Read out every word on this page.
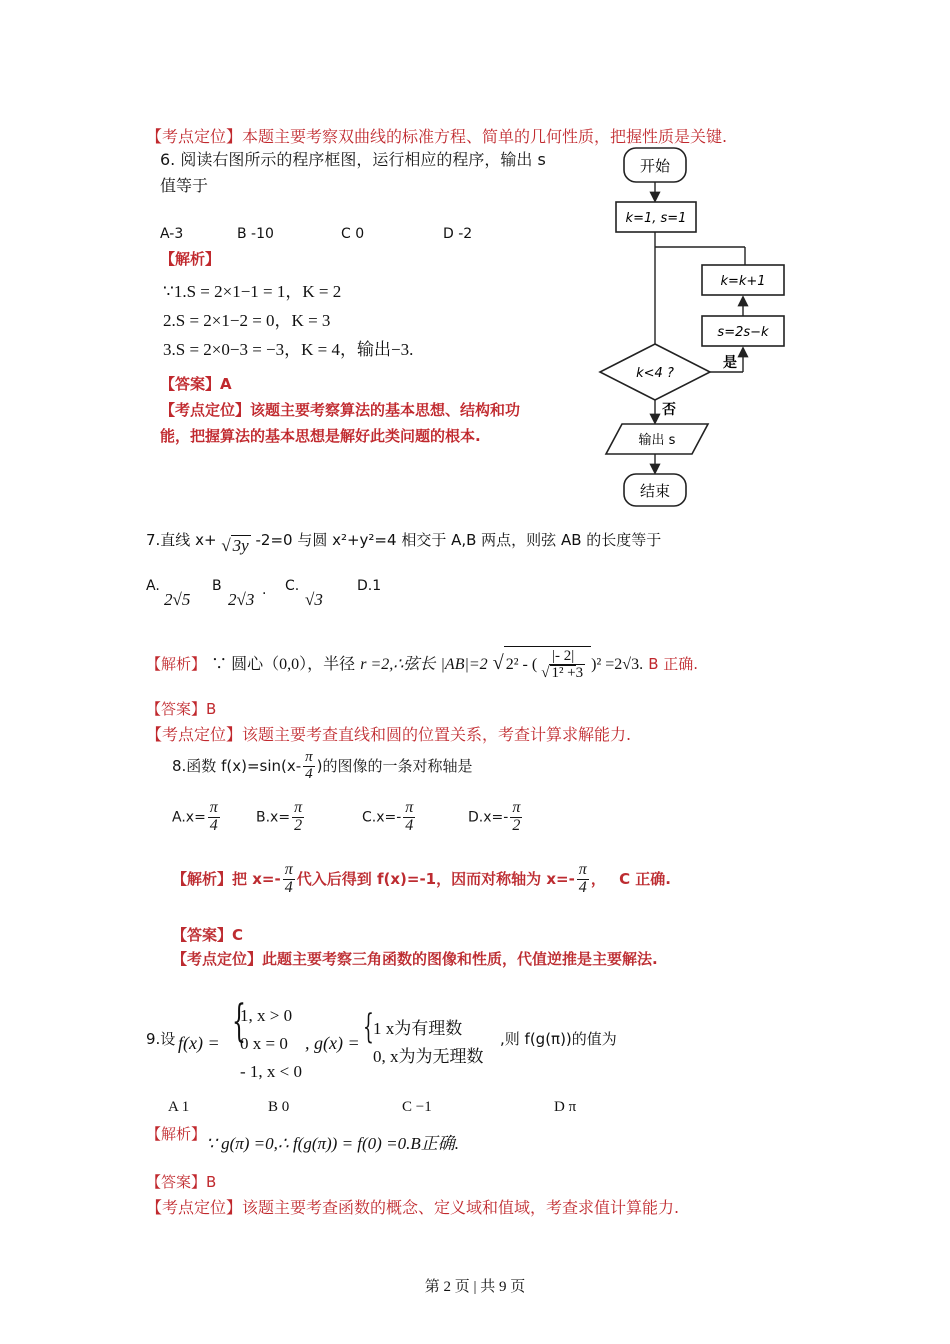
【考点定位】本题主要考察双曲线的标准方程、简单的几何性质，把握性质是关键.
6. 阅读右图所示的程序框图，运行相应的程序，输出 s
值等于
A-3	B -10	C 0	D -2
【解析】
∵1.S = 2×1−1 = 1，K = 2
2.S = 2×1−2 = 0，K = 3
3.S = 2×0−3 = −3，K = 4，输出−3.
【答案】A
【考点定位】该题主要考察算法的基本思想、结构和功
能，把握算法的基本思想是解好此类问题的根本.
开始
k=1, s=1
k=k+1
s=2s−k
是
k<4 ?
否
输出 s
结束
7.直线 x+ √ 3y -2=0 与圆 x²+y²=4 相交于 A,B 两点，则弦 AB 的长度等于
A.
2√5
B
2√3 . C.
√3
D.1
【解析】 ∵ 圆心（0,0），半径 r =2,∴弦长 |AB|=2 √ 2² - ( $\frac{|- 2|}{\text{√ 1² +3}} )^2 =2√3$. B 正确.
【答案】B
【考点定位】该题主要考查直线和圆的位置关系，考查计算求解能力.
8.函数 $f(x)=\sin(x- \frac{\pi}{4}$ )的图像的一条对称轴是
$A.x= \frac{\pi}{4}$	$B.x= \frac{\pi}{2}$	$C.x=- \frac{\pi}{4}$	$D.x=- \frac{\pi}{2}$
【解析】把 $x=- \frac{\pi}{4}$ 代入后得到 f(x)=-1，因而对称轴为 $x=- \frac{\pi}{4}$ ， C 正确.
【答案】C
【考点定位】此题主要考察三角函数的图像和性质，代值逆推是主要解法.
9.设 f(x) = {
1, x > 0
0 x = 0
- 1, x < 0
, g(x) = { 1 x为有理数
0, x为为无理数
,则 f(g(π))的值为
A 1	B 0	C −1	D π
【解析】 ∵ g(π) =0,∴ f(g(π)) = f(0) =0.B正确.
【答案】B
【考点定位】该题主要考查函数的概念、定义域和值域，考查求值计算能力.
第 2 页 | 共 9 页
